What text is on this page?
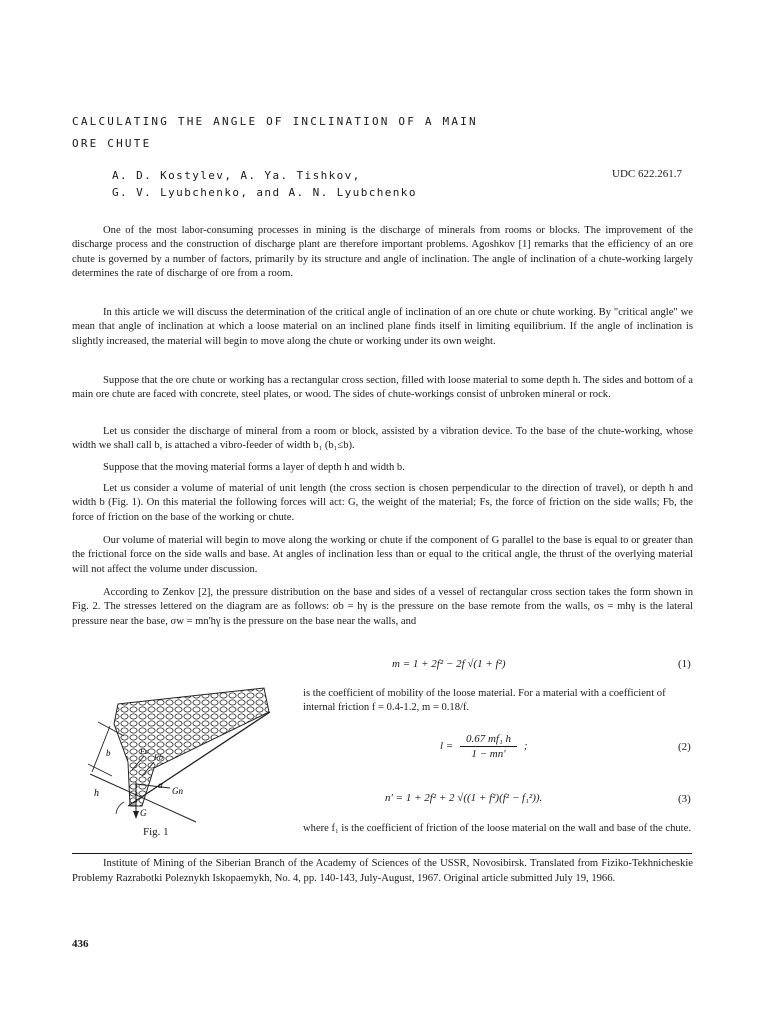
CALCULATING THE ANGLE OF INCLINATION OF A MAIN
ORE CHUTE
A. D. Kostylev, A. Ya. Tishkov,
G. V. Lyubchenko, and A. N. Lyubchenko
UDC 622.261.7

One of the most labor-consuming processes in mining is the discharge of minerals from rooms or blocks. The improvement of the discharge process and the construction of discharge plant are therefore important problems. Agoshkov [1] remarks that the efficiency of an ore chute is governed by a number of factors, primarily by its structure and angle of inclination. The angle of inclination of a chute-working largely determines the rate of discharge of ore from a room.

In this article we will discuss the determination of the critical angle of inclination of an ore chute or chute working. By "critical angle" we mean that angle of inclination at which a loose material on an inclined plane finds itself in limiting equilibrium. If the angle of inclination is slightly increased, the material will begin to move along the chute or working under its own weight.

Suppose that the ore chute or working has a rectangular cross section, filled with loose material to some depth h. The sides and bottom of a main ore chute are faced with concrete, steel plates, or wood. The sides of chute-workings consist of unbroken mineral or rock.

Let us consider the discharge of mineral from a room or block, assisted by a vibration device. To the base of the chute-working, whose width we shall call b, is attached a vibro-feeder of width b₁ (b₁≤b).

Suppose that the moving material forms a layer of depth h and width b.

Let us consider a volume of material of unit length (the cross section is chosen perpendicular to the direction of travel), or depth h and width b (Fig. 1). On this material the following forces will act: G, the weight of the material; Fs, the force of friction on the side walls; Fb, the force of friction on the base of the working or chute.

Our volume of material will begin to move along the working or chute if the component of G parallel to the base is equal to or greater than the frictional force on the side walls and base. At angles of inclination less than or equal to the critical angle, the thrust of the overlying material will not affect the volume under discussion.

According to Zenkov [2], the pressure distribution on the base and sides of a vessel of rectangular cross section takes the form shown in Fig. 2. The stresses lettered on the diagram are as follows: σb = hγ is the pressure on the base remote from the walls, σs = mhγ is the lateral pressure near the base, σw = mn'hγ is the pressure on the base near the walls, and

m = 1 + 2f² − 2f √(1 + f²)	(1)

is the coefficient of mobility of the loose material. For a material with a coefficient of internal friction f = 0.4-1.2, m = 0.18/f.

$l = \frac{\text{0.67 mf₁ h}}{1 - mn'}$ ;	(2)
n′ = 1 + 2f² + 2 √((1 + f²)(f² − f₁²)).	(3)

where f₁ is the coefficient of friction of the loose material on the wall and base of the chute.

h
b
G
Gn
α
Fs
Fb
Fig. 1

Institute of Mining of the Siberian Branch of the Academy of Sciences of the USSR, Novosibirsk. Translated from Fiziko-Tekhnicheskie Problemy Razrabotki Poleznykh Iskopaemykh, No. 4, pp. 140-143, July-August, 1967. Original article submitted July 19, 1966.

436
